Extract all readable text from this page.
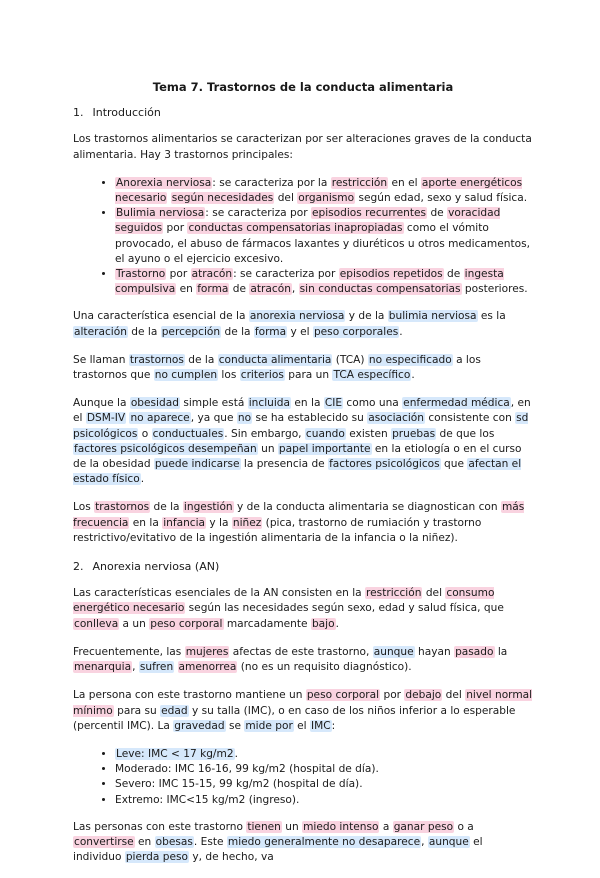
Tema 7. Trastornos de la conducta alimentaria
1. Introducción

Los trastornos alimentarios se caracterizan por ser alteraciones graves de la conducta alimentaria. Hay 3 trastornos principales:

• Anorexia nerviosa: se caracteriza por la restricción en el aporte energéticos necesario según necesidades del organismo según edad, sexo y salud física.
• Bulimia nerviosa: se caracteriza por episodios recurrentes de voracidad seguidos por conductas compensatorias inapropiadas como el vómito provocado, el abuso de fármacos laxantes y diuréticos u otros medicamentos, el ayuno o el ejercicio excesivo.
• Trastorno por atracón: se caracteriza por episodios repetidos de ingesta compulsiva en forma de atracón, sin conductas compensatorias posteriores.

Una característica esencial de la anorexia nerviosa y de la bulimia nerviosa es la alteración de la percepción de la forma y el peso corporales.

Se llaman trastornos de la conducta alimentaria (TCA) no especificado a los trastornos que no cumplen los criterios para un TCA específico.

Aunque la obesidad simple está incluida en la CIE como una enfermedad médica, en el DSM-IV no aparece, ya que no se ha establecido su asociación consistente con sd psicológicos o conductuales. Sin embargo, cuando existen pruebas de que los factores psicológicos desempeñan un papel importante en la etiología o en el curso de la obesidad puede indicarse la presencia de factores psicológicos que afectan el estado físico.

Los trastornos de la ingestión y de la conducta alimentaria se diagnostican con más frecuencia en la infancia y la niñez (pica, trastorno de rumiación y trastorno restrictivo/evitativo de la ingestión alimentaria de la infancia o la niñez).

2. Anorexia nerviosa (AN)

Las características esenciales de la AN consisten en la restricción del consumo energético necesario según las necesidades según sexo, edad y salud física, que conlleva a un peso corporal marcadamente bajo.

Frecuentemente, las mujeres afectas de este trastorno, aunque hayan pasado la menarquia, sufren amenorrea (no es un requisito diagnóstico).

La persona con este trastorno mantiene un peso corporal por debajo del nivel normal mínimo para su edad y su talla (IMC), o en caso de los niños inferior a lo esperable (percentil IMC). La gravedad se mide por el IMC:

• Leve: IMC < 17 kg/m2.
• Moderado: IMC 16-16, 99 kg/m2 (hospital de día).
• Severo: IMC 15-15, 99 kg/m2 (hospital de día).
• Extremo: IMC<15 kg/m2 (ingreso).

Las personas con este trastorno tienen un miedo intenso a ganar peso o a convertirse en obesas. Este miedo generalmente no desaparece, aunque el individuo pierda peso y, de hecho, va
